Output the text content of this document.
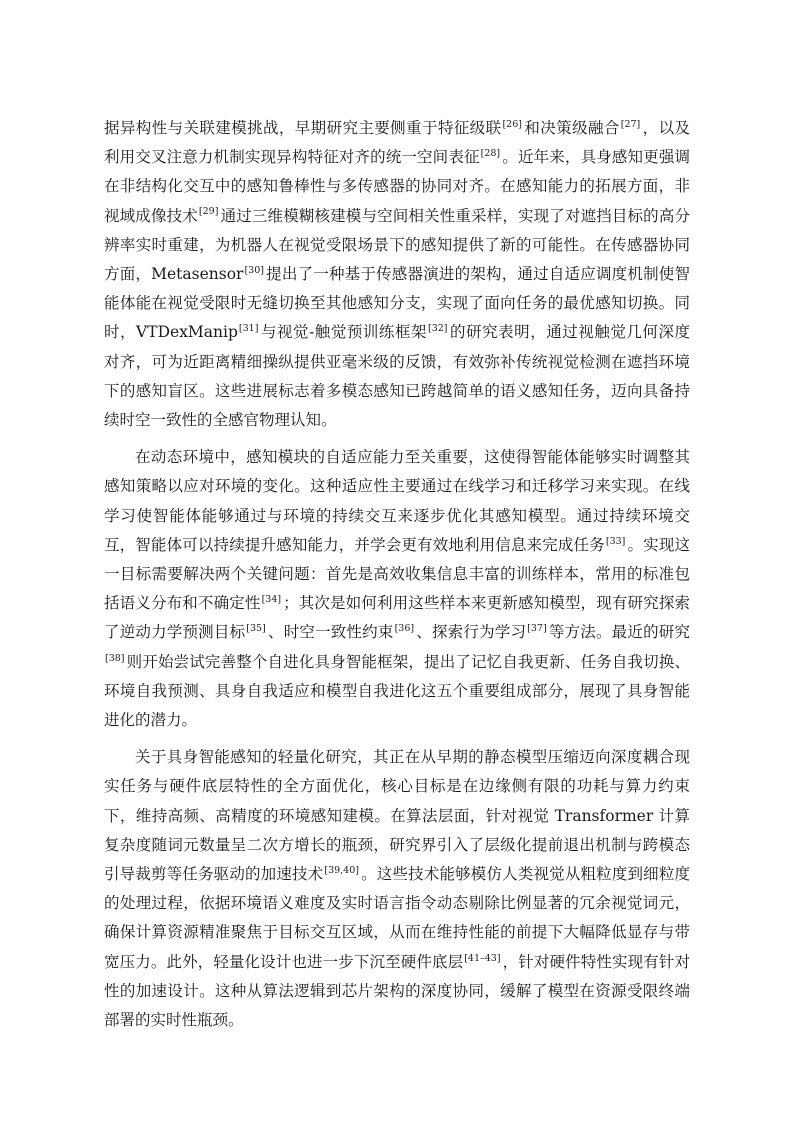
据异构性与关联建模挑战，早期研究主要侧重于特征级联[26] 和决策级融合[27] ，以及利用交叉注意力机制实现异构特征对齐的统一空间表征[28] 。近年来，具身感知更强调在非结构化交互中的感知鲁棒性与多传感器的协同对齐。在感知能力的拓展方面，非视域成像技术[29] 通过三维模糊核建模与空间相关性重采样，实现了对遮挡目标的高分辨率实时重建，为机器人在视觉受限场景下的感知提供了新的可能性。在传感器协同方面，Metasensor[30] 提出了一种基于传感器演进的架构，通过自适应调度机制使智能体能在视觉受限时无缝切换至其他感知分支，实现了面向任务的最优感知切换。同时，VTDexManip[31] 与视觉-触觉预训练框架[32] 的研究表明，通过视触觉几何深度对齐，可为近距离精细操纵提供亚毫米级的反馈，有效弥补传统视觉检测在遮挡环境下的感知盲区。这些进展标志着多模态感知已跨越简单的语义感知任务，迈向具备持续时空一致性的全感官物理认知。

在动态环境中，感知模块的自适应能力至关重要，这使得智能体能够实时调整其感知策略以应对环境的变化。这种适应性主要通过在线学习和迁移学习来实现。在线学习使智能体能够通过与环境的持续交互来逐步优化其感知模型。通过持续环境交互，智能体可以持续提升感知能力，并学会更有效地利用信息来完成任务[33] 。实现这一目标需要解决两个关键问题：首先是高效收集信息丰富的训练样本，常用的标准包括语义分布和不确定性[34] ；其次是如何利用这些样本来更新感知模型，现有研究探索了逆动力学预测目标[35] 、时空一致性约束[36] 、探索行为学习[37] 等方法。最近的研究[38] 则开始尝试完善整个自进化具身智能框架，提出了记忆自我更新、任务自我切换、环境自我预测、具身自我适应和模型自我进化这五个重要组成部分，展现了具身智能进化的潜力。

关于具身智能感知的轻量化研究，其正在从早期的静态模型压缩迈向深度耦合现实任务与硬件底层特性的全方面优化，核心目标是在边缘侧有限的功耗与算力约束下，维持高频、高精度的环境感知建模。在算法层面，针对视觉 Transformer 计算复杂度随词元数量呈二次方增长的瓶颈，研究界引入了层级化提前退出机制与跨模态引导裁剪等任务驱动的加速技术[39,40] 。这些技术能够模仿人类视觉从粗粒度到细粒度的处理过程，依据环境语义难度及实时语言指令动态剔除比例显著的冗余视觉词元，确保计算资源精准聚焦于目标交互区域，从而在维持性能的前提下大幅降低显存与带宽压力。此外，轻量化设计也进一步下沉至硬件底层[41–43] ，针对硬件特性实现有针对性的加速设计。这种从算法逻辑到芯片架构的深度协同，缓解了模型在资源受限终端部署的实时性瓶颈。
